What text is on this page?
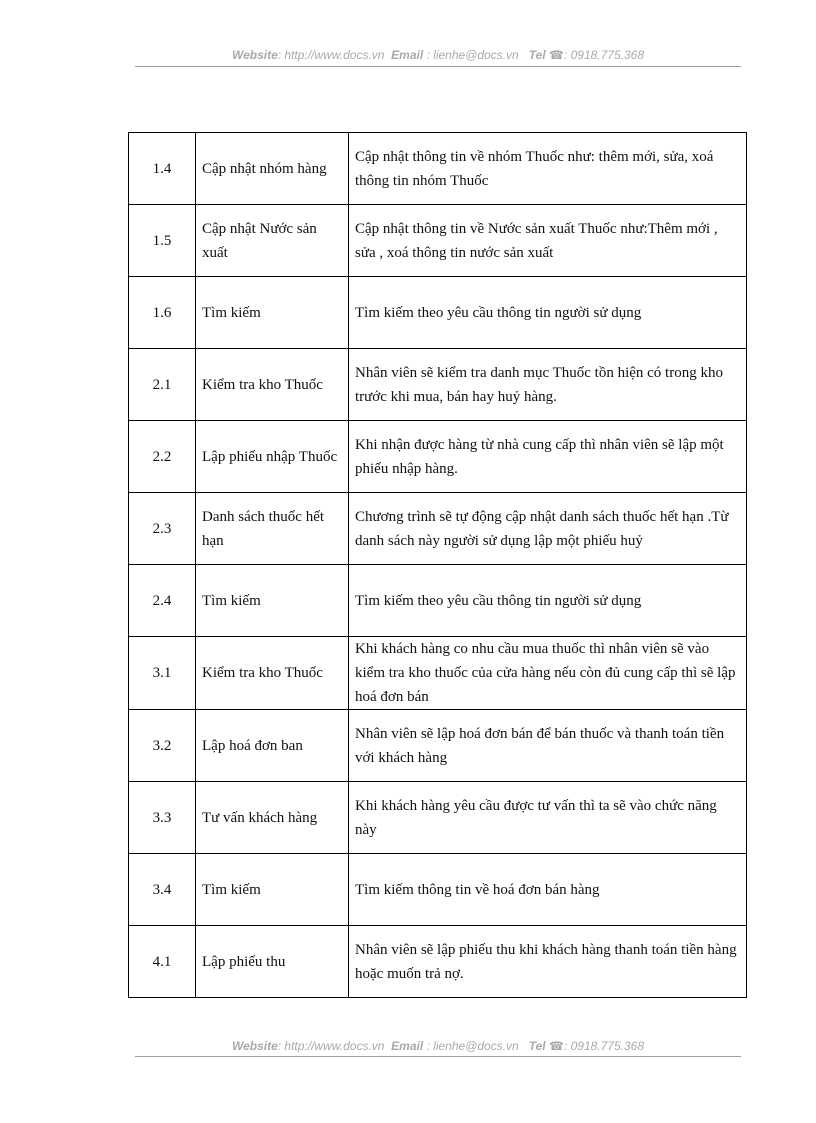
Website: http://www.docs.vn Email : lienhe@docs.vn Tel ☎: 0918.775.368
1.4	Cập nhật nhóm hàng	Cập nhật thông tin về nhóm Thuốc như: thêm mới, sửa, xoá thông tin nhóm Thuốc
1.5	Cập nhật Nước sản xuất	Cập nhật thông tin về Nước sản xuất Thuốc như:Thêm mới , sửa , xoá thông tin nước sản xuất
1.6	Tìm kiếm	Tìm kiếm theo yêu cầu thông tin người sử dụng
2.1	Kiểm tra kho Thuốc	Nhân viên sẽ kiểm tra danh mục Thuốc tồn hiện có trong kho trước khi mua, bán hay huỷ hàng.
2.2	Lập phiếu nhập Thuốc	Khi nhận được hàng từ nhà cung cấp thì nhân viên sẽ lập một phiếu nhập hàng.
2.3	Danh sách thuốc hết hạn	Chương trình sẽ tự động cập nhật danh sách thuốc hết hạn .Từ danh sách này người sử dụng lập một phiếu huỷ
2.4	Tìm kiếm	Tìm kiếm theo yêu cầu thông tin người sử dụng
3.1	Kiểm tra kho Thuốc	Khi khách hàng co nhu cầu mua thuốc thì nhân viên sẽ vào kiểm tra kho thuốc của cửa hàng nếu còn đủ cung cấp thì sẽ lập hoá đơn bán
3.2	Lập hoá đơn ban	Nhân viên sẽ lập hoá đơn bán để bán thuốc và thanh toán tiền với khách hàng
3.3	Tư vấn khách hàng	Khi khách hàng yêu cầu được tư vấn thì ta sẽ vào chức năng này
3.4	Tìm kiếm	Tìm kiếm thông tin về hoá đơn bán hàng
4.1	Lập phiếu thu	Nhân viên sẽ lập phiếu thu khi khách hàng thanh toán tiền hàng hoặc muốn trả nợ.
Website: http://www.docs.vn Email : lienhe@docs.vn Tel ☎: 0918.775.368
